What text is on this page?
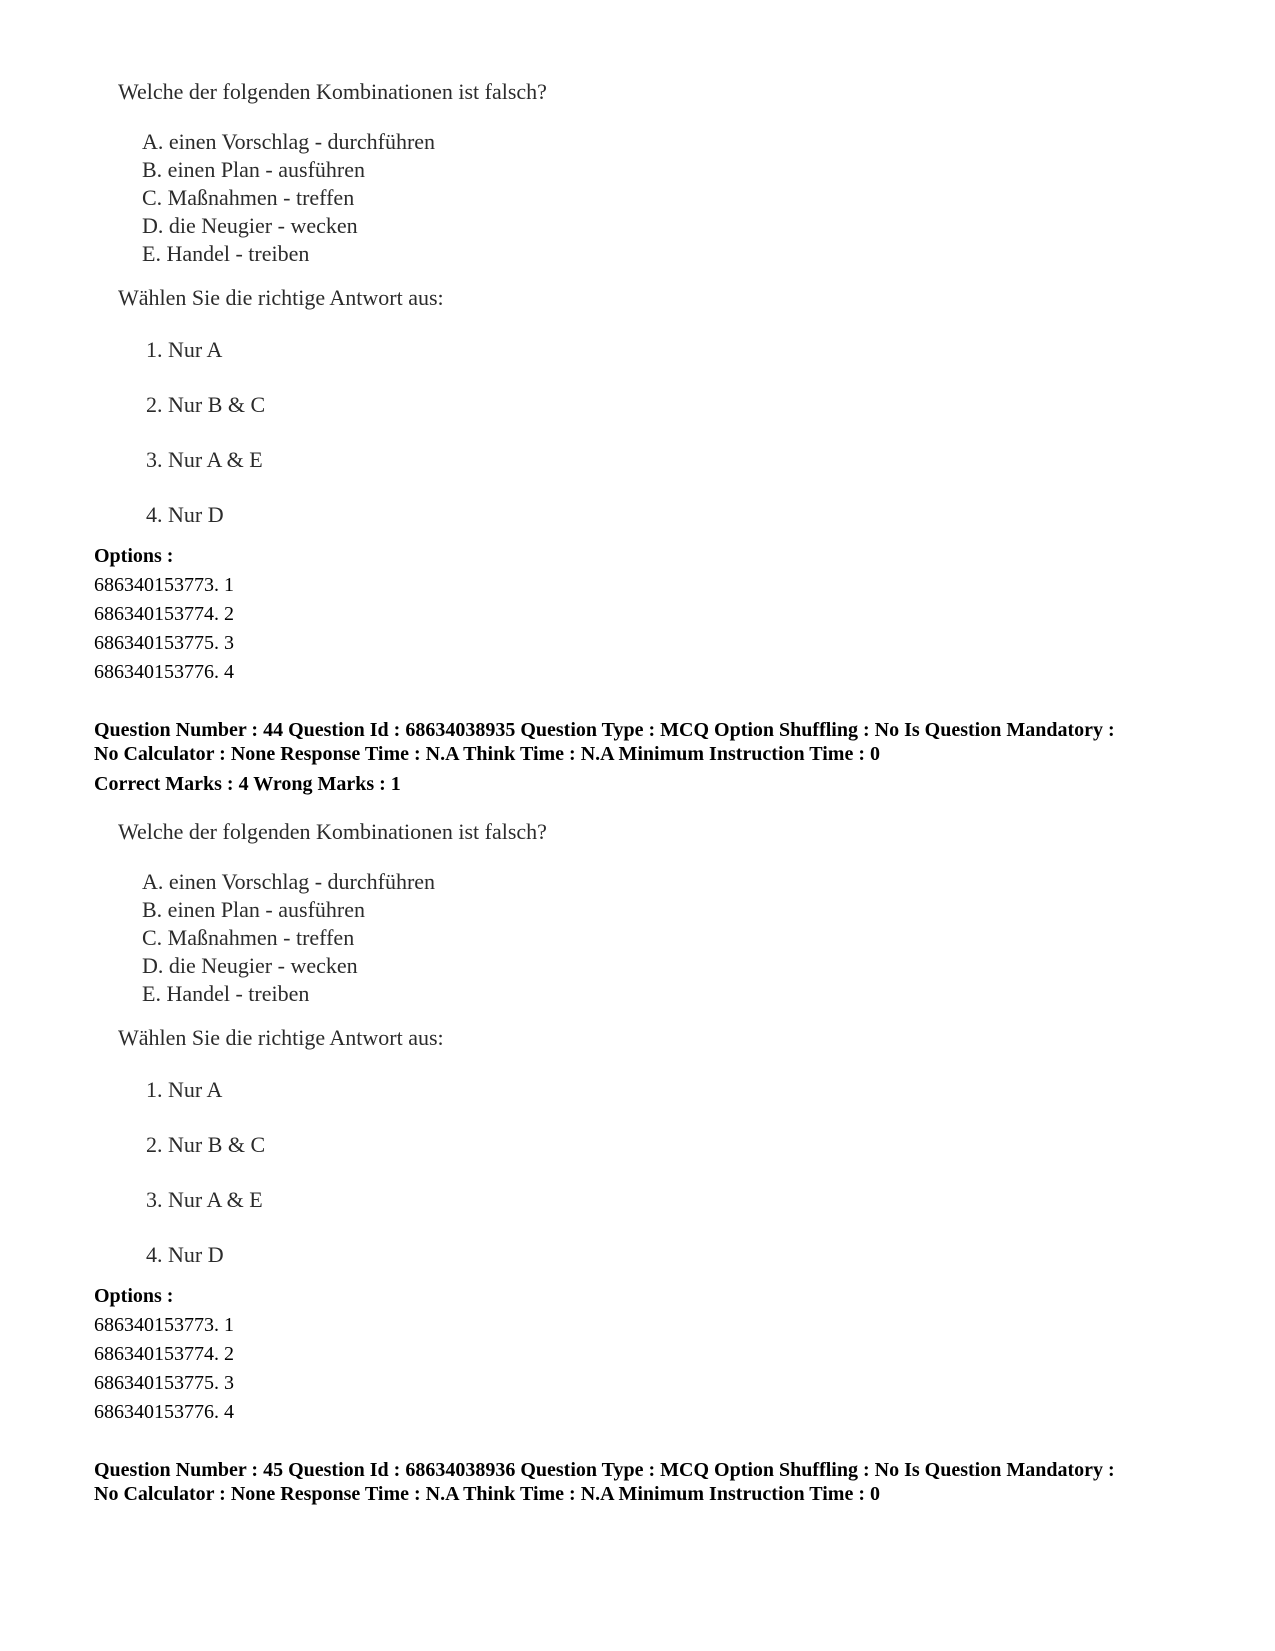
Welche der folgenden Kombinationen ist falsch?

A. einen Vorschlag - durchführen
B. einen Plan - ausführen
C. Maßnahmen - treffen
D. die Neugier - wecken
E. Handel - treiben

Wählen Sie die richtige Antwort aus:

1. Nur A
2. Nur B & C
3. Nur A & E
4. Nur D
Options :
686340153773. 1
686340153774. 2
686340153775. 3
686340153776. 4
Question Number : 44 Question Id : 68634038935 Question Type : MCQ Option Shuffling : No Is Question Mandatory :
No Calculator : None Response Time : N.A Think Time : N.A Minimum Instruction Time : 0
Correct Marks : 4 Wrong Marks : 1

Welche der folgenden Kombinationen ist falsch?

A. einen Vorschlag - durchführen
B. einen Plan - ausführen
C. Maßnahmen - treffen
D. die Neugier - wecken
E. Handel - treiben

Wählen Sie die richtige Antwort aus:

1. Nur A
2. Nur B & C
3. Nur A & E
4. Nur D
Options :
686340153773. 1
686340153774. 2
686340153775. 3
686340153776. 4
Question Number : 45 Question Id : 68634038936 Question Type : MCQ Option Shuffling : No Is Question Mandatory :
No Calculator : None Response Time : N.A Think Time : N.A Minimum Instruction Time : 0
